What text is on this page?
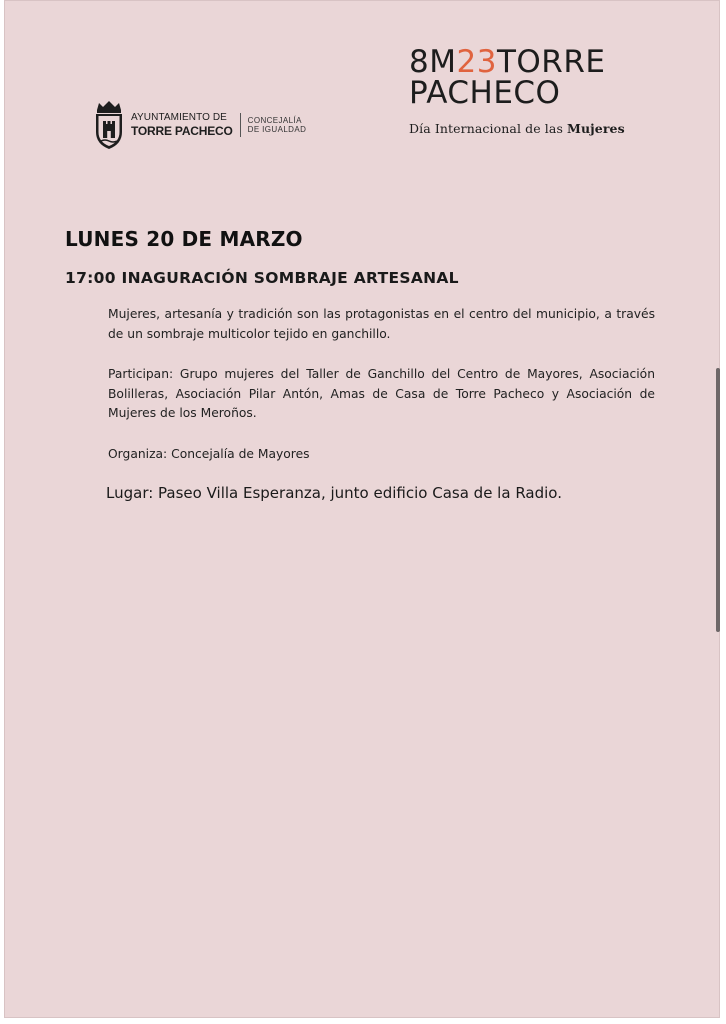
AYUNTAMIENTO DE
TORRE PACHECO
CONCEJALÍA
DE IGUALDAD
8M23TORRE
PACHECO
Día Internacional de las Mujeres
LUNES 20 DE MARZO
17:00 INAGURACIÓN SOMBRAJE ARTESANAL

Mujeres, artesanía y tradición son las protagonistas en el centro del municipio, a través de un sombraje multicolor tejido en ganchillo.

Participan: Grupo mujeres del Taller de Ganchillo del Centro de Mayores, Asociación Bolilleras, Asociación Pilar Antón, Amas de Casa de Torre Pacheco y Asociación de Mujeres de los Meroños.

Organiza: Concejalía de Mayores

Lugar: Paseo Villa Esperanza, junto edificio Casa de la Radio.
